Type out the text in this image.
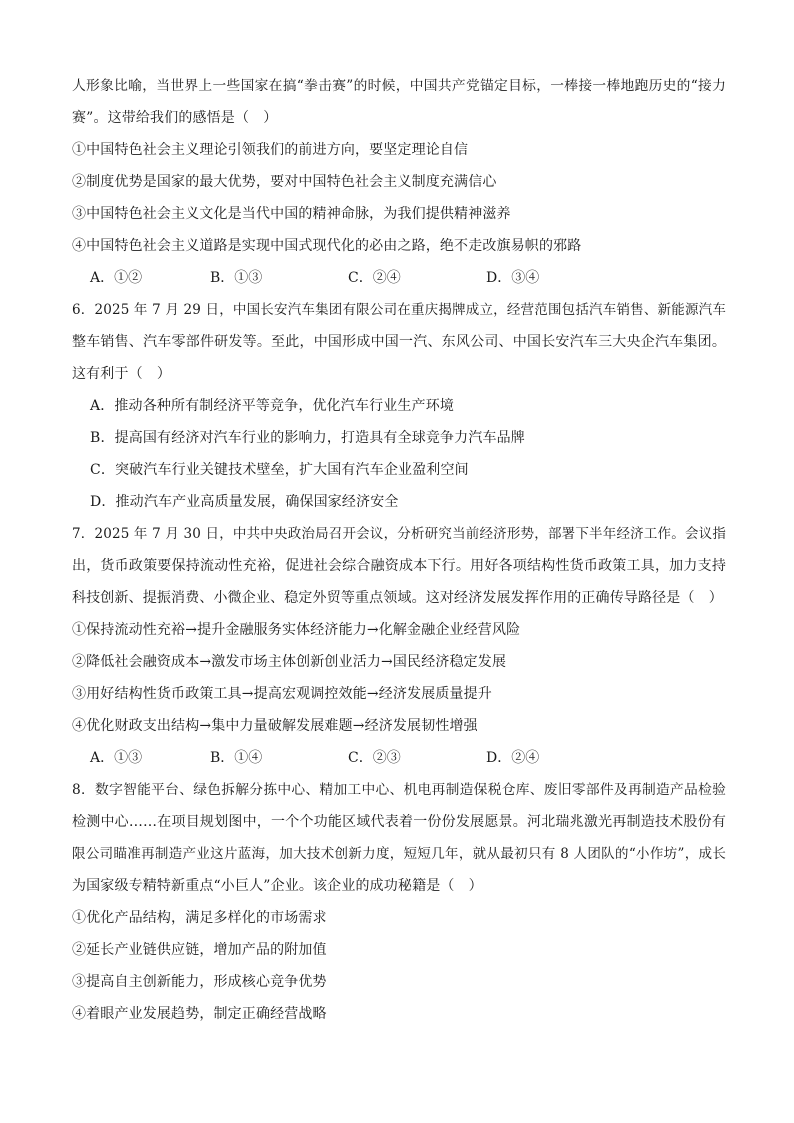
人形象比喻，当世界上一些国家在搞“拳击赛”的时候，中国共产党锚定目标，一棒接一棒地跑历史的“接力
赛”。这带给我们的感悟是（　）
①中国特色社会主义理论引领我们的前进方向，要坚定理论自信
②制度优势是国家的最大优势，要对中国特色社会主义制度充满信心
③中国特色社会主义文化是当代中国的精神命脉，为我们提供精神滋养
④中国特色社会主义道路是实现中国式现代化的必由之路，绝不走改旗易帜的邪路
A．①②	B．①③	C．②④	D．③④
6．2025 年 7 月 29 日，中国长安汽车集团有限公司在重庆揭牌成立，经营范围包括汽车销售、新能源汽车
整车销售、汽车零部件研发等。至此，中国形成中国一汽、东风公司、中国长安汽车三大央企汽车集团。
这有利于（　）
A．推动各种所有制经济平等竞争，优化汽车行业生产环境
B．提高国有经济对汽车行业的影响力，打造具有全球竞争力汽车品牌
C．突破汽车行业关键技术壁垒，扩大国有汽车企业盈利空间
D．推动汽车产业高质量发展，确保国家经济安全
7．2025 年 7 月 30 日，中共中央政治局召开会议，分析研究当前经济形势，部署下半年经济工作。会议指
出，货币政策要保持流动性充裕，促进社会综合融资成本下行。用好各项结构性货币政策工具，加力支持
科技创新、提振消费、小微企业、稳定外贸等重点领域。这对经济发展发挥作用的正确传导路径是（　）
①保持流动性充裕→提升金融服务实体经济能力→化解金融企业经营风险
②降低社会融资成本→激发市场主体创新创业活力→国民经济稳定发展
③用好结构性货币政策工具→提高宏观调控效能→经济发展质量提升
④优化财政支出结构→集中力量破解发展难题→经济发展韧性增强
A．①③	B．①④	C．②③	D．②④
8．数字智能平台、绿色拆解分拣中心、精加工中心、机电再制造保税仓库、废旧零部件及再制造产品检验
检测中心……在项目规划图中，一个个功能区域代表着一份份发展愿景。河北瑞兆激光再制造技术股份有
限公司瞄准再制造产业这片蓝海，加大技术创新力度，短短几年，就从最初只有 8 人团队的“小作坊”，成长
为国家级专精特新重点“小巨人”企业。该企业的成功秘籍是（　）
①优化产品结构，满足多样化的市场需求
②延长产业链供应链，增加产品的附加值
③提高自主创新能力，形成核心竞争优势
④着眼产业发展趋势，制定正确经营战略
